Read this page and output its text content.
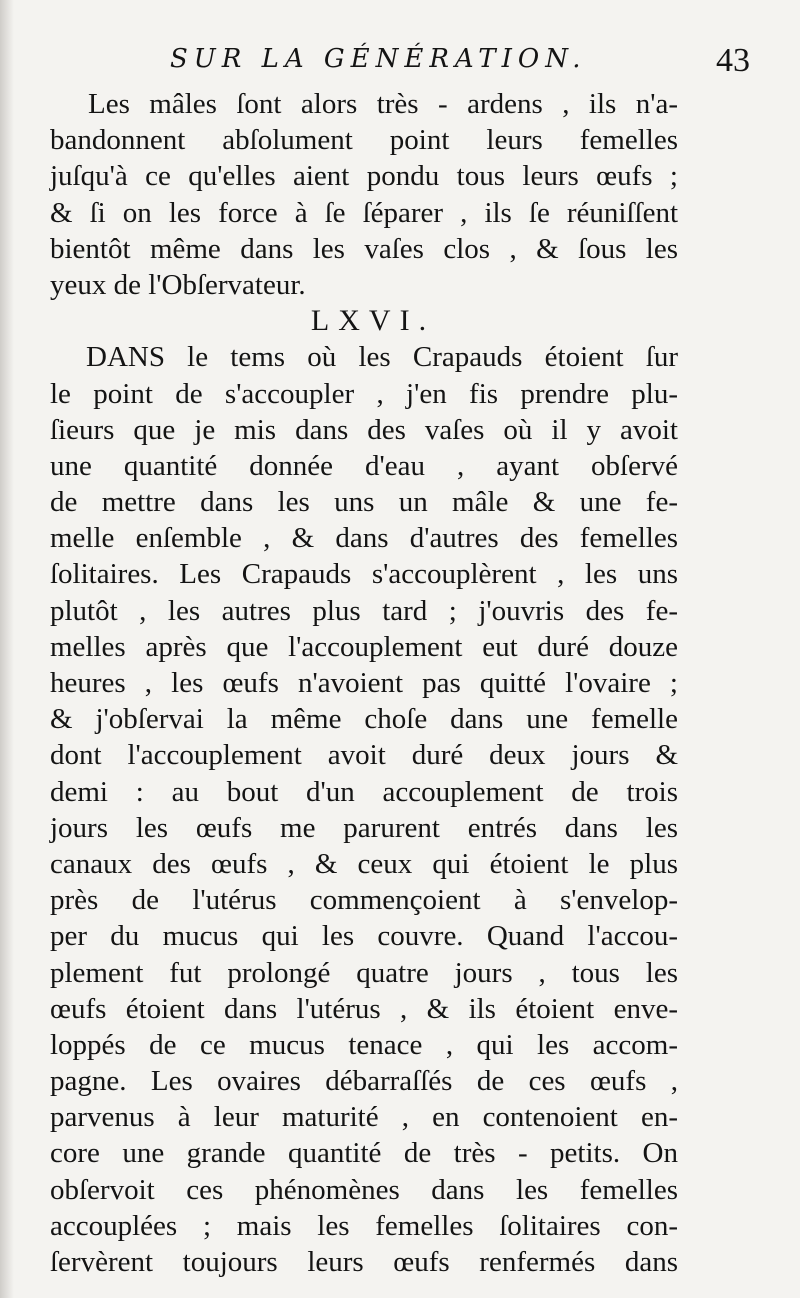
SUR LA GÉNÉRATION.	43
Les mâles ſont alors très - ardens , ils n'a-
bandonnent abſolument point leurs femelles
juſqu'à ce qu'elles aient pondu tous leurs œufs ;
& ſi on les force à ſe ſéparer , ils ſe réuniſſent
bientôt même dans les vaſes clos , & ſous les
yeux de l'Obſervateur.
LXVI.
DANS le tems où les Crapauds étoient ſur
le point de s'accoupler , j'en fis prendre plu-
ſieurs que je mis dans des vaſes où il y avoit
une quantité donnée d'eau , ayant obſervé
de mettre dans les uns un mâle & une fe-
melle enſemble , & dans d'autres des femelles
ſolitaires. Les Crapauds s'accouplèrent , les uns
plutôt , les autres plus tard ; j'ouvris des fe-
melles après que l'accouplement eut duré douze
heures , les œufs n'avoient pas quitté l'ovaire ;
& j'obſervai la même choſe dans une femelle
dont l'accouplement avoit duré deux jours &
demi : au bout d'un accouplement de trois
jours les œufs me parurent entrés dans les
canaux des œufs , & ceux qui étoient le plus
près de l'utérus commençoient à s'envelop-
per du mucus qui les couvre. Quand l'accou-
plement fut prolongé quatre jours , tous les
œufs étoient dans l'utérus , & ils étoient enve-
loppés de ce mucus tenace , qui les accom-
pagne. Les ovaires débarraſſés de ces œufs ,
parvenus à leur maturité , en contenoient en-
core une grande quantité de très - petits. On
obſervoit ces phénomènes dans les femelles
accouplées ; mais les femelles ſolitaires con-
ſervèrent toujours leurs œufs renfermés dans
